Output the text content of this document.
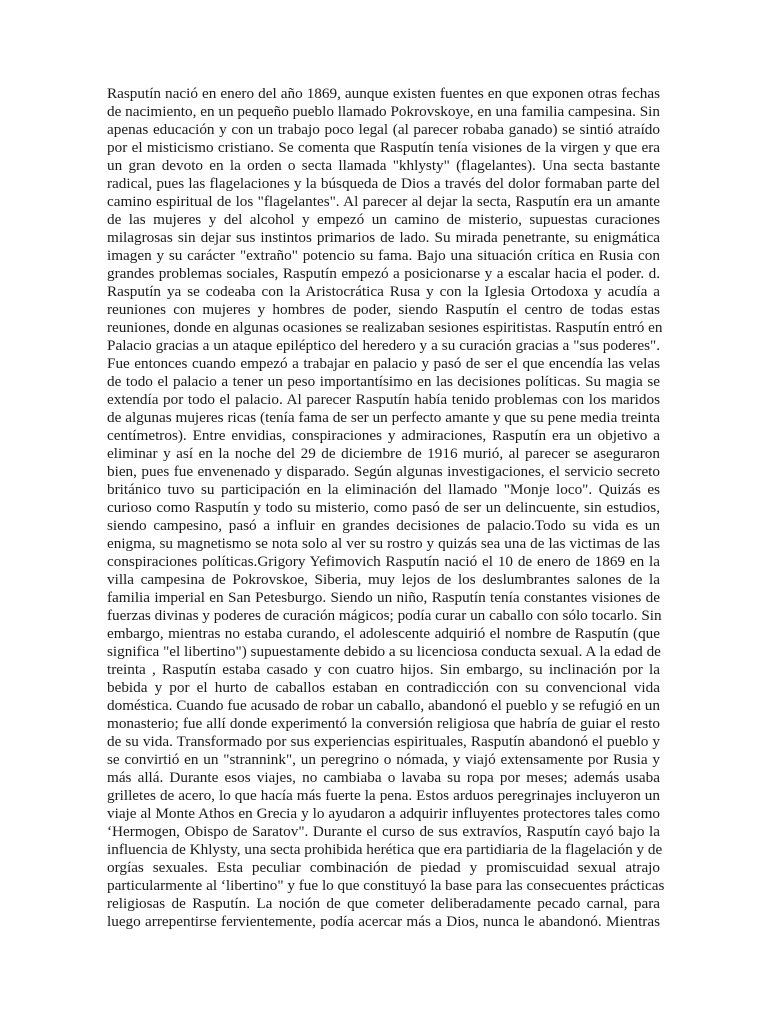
Rasputín nació en enero del año 1869, aunque existen fuentes en que exponen otras fechas
de nacimiento, en un pequeño pueblo llamado Pokrovskoye, en una familia campesina. Sin
apenas educación y con un trabajo poco legal (al parecer robaba ganado) se sintió atraído
por el misticismo cristiano. Se comenta que Rasputín tenía visiones de la virgen y que era
un gran devoto en la orden o secta llamada "khlysty" (flagelantes). Una secta bastante
radical, pues las flagelaciones y la búsqueda de Dios a través del dolor formaban parte del
camino espiritual de los "flagelantes". Al parecer al dejar la secta, Rasputín era un amante
de las mujeres y del alcohol y empezó un camino de misterio, supuestas curaciones
milagrosas sin dejar sus instintos primarios de lado. Su mirada penetrante, su enigmática
imagen y su carácter "extraño" potencio su fama. Bajo una situación crítica en Rusia con
grandes problemas sociales, Rasputín empezó a posicionarse y a escalar hacia el poder. d.
Rasputín ya se codeaba con la Aristocrática Rusa y con la Iglesia Ortodoxa y acudía a
reuniones con mujeres y hombres de poder, siendo Rasputín el centro de todas estas
reuniones, donde en algunas ocasiones se realizaban sesiones espiritistas. Rasputín entró en
Palacio gracias a un ataque epiléptico del heredero y a su curación gracias a "sus poderes".
Fue entonces cuando empezó a trabajar en palacio y pasó de ser el que encendía las velas
de todo el palacio a tener un peso importantísimo en las decisiones políticas. Su magia se
extendía por todo el palacio. Al parecer Rasputín había tenido problemas con los maridos
de algunas mujeres ricas (tenía fama de ser un perfecto amante y que su pene media treinta
centímetros). Entre envidias, conspiraciones y admiraciones, Rasputín era un objetivo a
eliminar y así en la noche del 29 de diciembre de 1916 murió, al parecer se aseguraron
bien, pues fue envenenado y disparado. Según algunas investigaciones, el servicio secreto
británico tuvo su participación en la eliminación del llamado "Monje loco". Quizás es
curioso como Rasputín y todo su misterio, como pasó de ser un delincuente, sin estudios,
siendo campesino, pasó a influir en grandes decisiones de palacio.Todo su vida es un
enigma, su magnetismo se nota solo al ver su rostro y quizás sea una de las victimas de las
conspiraciones políticas.Grigory Yefimovich Rasputín nació el 10 de enero de 1869 en la
villa campesina de Pokrovskoe, Siberia, muy lejos de los deslumbrantes salones de la
familia imperial en San Petesburgo. Siendo un niño, Rasputín tenía constantes visiones de
fuerzas divinas y poderes de curación mágicos; podía curar un caballo con sólo tocarlo. Sin
embargo, mientras no estaba curando, el adolescente adquirió el nombre de Rasputín (que
significa "el libertino") supuestamente debido a su licenciosa conducta sexual. A la edad de
treinta , Rasputín estaba casado y con cuatro hijos. Sin embargo, su inclinación por la
bebida y por el hurto de caballos estaban en contradicción con su convencional vida
doméstica. Cuando fue acusado de robar un caballo, abandonó el pueblo y se refugió en un
monasterio; fue allí donde experimentó la conversión religiosa que habría de guiar el resto
de su vida. Transformado por sus experiencias espirituales, Rasputín abandonó el pueblo y
se convirtió en un "strannink", un peregrino o nómada, y viajó extensamente por Rusia y
más allá. Durante esos viajes, no cambiaba o lavaba su ropa por meses; además usaba
grilletes de acero, lo que hacía más fuerte la pena. Estos arduos peregrinajes incluyeron un
viaje al Monte Athos en Grecia y lo ayudaron a adquirir influyentes protectores tales como
‘Hermogen, Obispo de Saratov". Durante el curso de sus extravíos, Rasputín cayó bajo la
influencia de Khlysty, una secta prohibida herética que era partidiaria de la flagelación y de
orgías sexuales. Esta peculiar combinación de piedad y promiscuidad sexual atrajo
particularmente al ‘libertino" y fue lo que constituyó la base para las consecuentes prácticas
religiosas de Rasputín. La noción de que cometer deliberadamente pecado carnal, para
luego arrepentirse fervientemente, podía acercar más a Dios, nunca le abandonó. Mientras
